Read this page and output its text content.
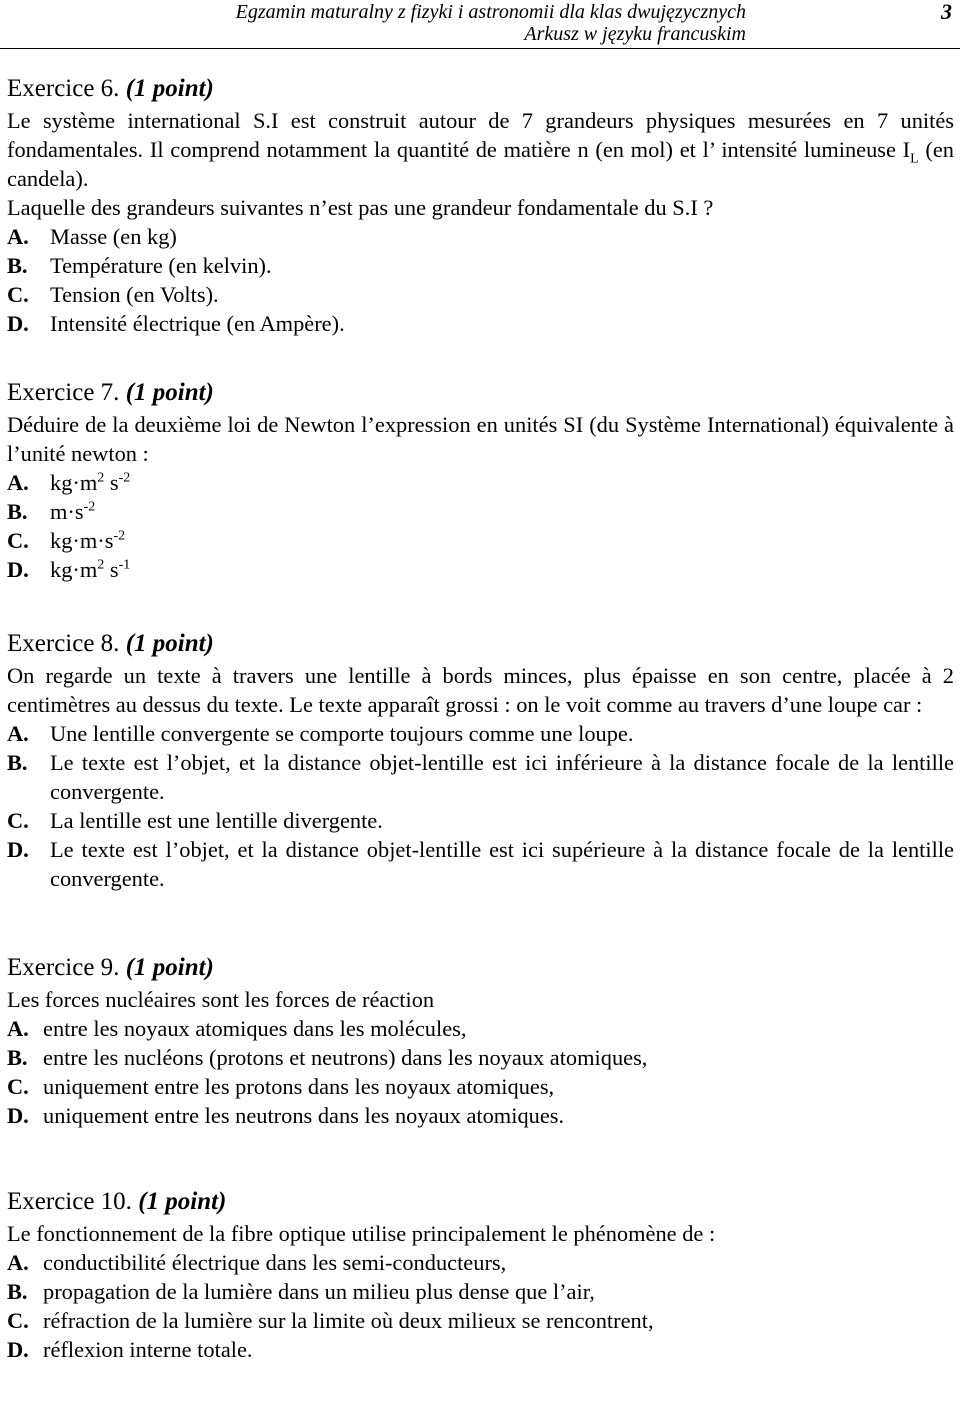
Egzamin maturalny z fizyki i astronomii dla klas dwujęzycznych
Arkusz w języku francuskim
3
Exercice 6. (1 point)
Le système international S.I est construit autour de 7 grandeurs physiques mesurées en 7 unités fondamentales. Il comprend notamment la quantité de matière n (en mol) et l’ intensité lumineuse $I_L$ (en candela).
Laquelle des grandeurs suivantes n’est pas une grandeur fondamentale du S.I ?
A. Masse (en kg)
B.	Température (en kelvin).
C. Tension (en Volts).
D. Intensité électrique (en Ampère).
Exercice 7. (1 point)
Déduire de la deuxième loi de Newton l’expression en unités SI (du Système International) équivalente à l’unité newton :
A. $kg\cdot m^2$ $s^{-2}$
B.	$m\cdot s^{-2}$
C. $kg\cdot m\cdot s^{-2}$
D. $kg\cdot m^2$ $s^{-1}$
Exercice 8. (1 point)
On regarde un texte à travers une lentille à bords minces, plus épaisse en son centre, placée à 2 centimètres au dessus du texte. Le texte apparaît grossi : on le voit comme au travers d’une loupe car :
A. Une lentille convergente se comporte toujours comme une loupe.
B.	Le texte est l’objet, et la distance objet-lentille est ici inférieure à la distance focale de la lentille convergente.
C. La lentille est une lentille divergente.
D. Le texte est l’objet, et la distance objet-lentille est ici supérieure à la distance focale de la lentille convergente.
Exercice 9. (1 point)
Les forces nucléaires sont les forces de réaction
A. entre les noyaux atomiques dans les molécules,
B. entre les nucléons (protons et neutrons) dans les noyaux atomiques,
C. uniquement entre les protons dans les noyaux atomiques,
D. uniquement entre les neutrons dans les noyaux atomiques.
Exercice 10. (1 point)
Le fonctionnement de la fibre optique utilise principalement le phénomène de :
A. conductibilité électrique dans les semi-conducteurs,
B. propagation de la lumière dans un milieu plus dense que l’air,
C. réfraction de la lumière sur la limite où deux milieux se rencontrent,
D. réflexion interne totale.
